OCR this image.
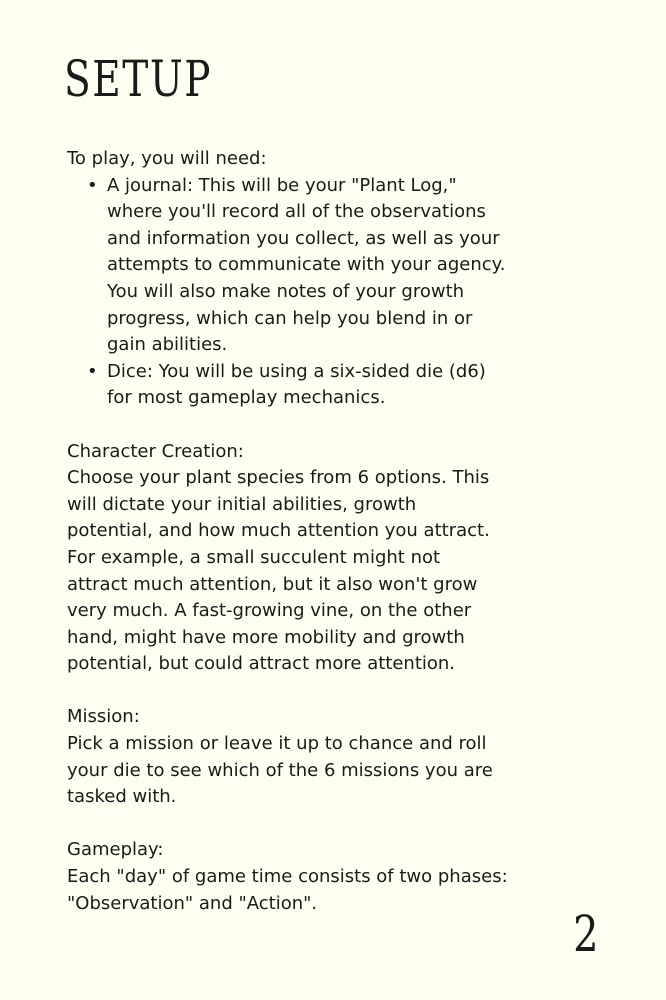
SETUP
To play, you will need:
• A journal: This will be your "Plant Log,"
where you'll record all of the observations
and information you collect, as well as your
attempts to communicate with your agency.
You will also make notes of your growth
progress, which can help you blend in or
gain abilities.
• Dice: You will be using a six-sided die (d6)
for most gameplay mechanics.
Character Creation:
Choose your plant species from 6 options. This
will dictate your initial abilities, growth
potential, and how much attention you attract.
For example, a small succulent might not
attract much attention, but it also won't grow
very much. A fast-growing vine, on the other
hand, might have more mobility and growth
potential, but could attract more attention.
Mission:
Pick a mission or leave it up to chance and roll
your die to see which of the 6 missions you are
tasked with.
Gameplay:
Each "day" of game time consists of two phases:
"Observation" and "Action".
2
